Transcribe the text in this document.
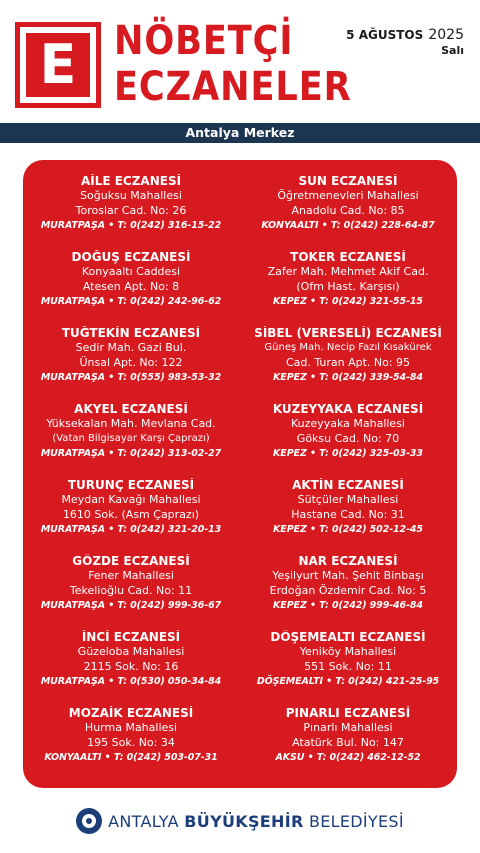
E NÖBETÇİ
ECZANELER
5 AĞUSTOS 2025
Salı
Antalya Merkez
AİLE ECZANESİ
Soğuksu Mahallesi
Toroslar Cad. No: 26
MURATPAŞA • T: 0(242) 316-15-22
DOĞUŞ ECZANESİ
Konyaaltı Caddesi
Atesen Apt. No: 8
MURATPAŞA • T: 0(242) 242-96-62
TUĞTEKİN ECZANESİ
Sedir Mah. Gazi Bul.
Ünsal Apt. No: 122
MURATPAŞA • T: 0(555) 983-53-32
AKYEL ECZANESİ
Yüksekalan Mah. Mevlana Cad.
(Vatan Bilgisayar Karşı Çaprazı)
MURATPAŞA • T: 0(242) 313-02-27
TURUNÇ ECZANESİ
Meydan Kavağı Mahallesi
1610 Sok. (Asm Çaprazı)
MURATPAŞA • T: 0(242) 321-20-13
GÖZDE ECZANESİ
Fener Mahallesi
Tekelioğlu Cad. No: 11
MURATPAŞA • T: 0(242) 999-36-67
İNCİ ECZANESİ
Güzeloba Mahallesi
2115 Sok. No: 16
MURATPAŞA • T: 0(530) 050-34-84
MOZAİK ECZANESİ
Hurma Mahallesi
195 Sok. No: 34
KONYAALTI • T: 0(242) 503-07-31
SUN ECZANESİ
Öğretmenevleri Mahallesi
Anadolu Cad. No: 85
KONYAALTI • T: 0(242) 228-64-87
TOKER ECZANESİ
Zafer Mah. Mehmet Akif Cad.
(Ofm Hast. Karşısı)
KEPEZ • T: 0(242) 321-55-15
SİBEL (VERESELİ) ECZANESİ
Güneş Mah. Necip Fazıl Kısakürek
Cad. Turan Apt. No: 95
KEPEZ • T: 0(242) 339-54-84
KUZEYYAKA ECZANESİ
Kuzeyyaka Mahallesi
Göksu Cad. No: 70
KEPEZ • T: 0(242) 325-03-33
AKTİN ECZANESİ
Sütçüler Mahallesi
Hastane Cad. No: 31
KEPEZ • T: 0(242) 502-12-45
NAR ECZANESİ
Yeşilyurt Mah. Şehit Binbaşı
Erdoğan Özdemir Cad. No: 5
KEPEZ • T: 0(242) 999-46-84
DÖŞEMEALTI ECZANESİ
Yeniköy Mahallesi
551 Sok. No: 11
DÖŞEMEALTI • T: 0(242) 421-25-95
PINARLI ECZANESİ
Pınarlı Mahallesi
Atatürk Bul. No: 147
AKSU • T: 0(242) 462-12-52
ANTALYA BÜYÜKŞEHİR BELEDİYESİ
